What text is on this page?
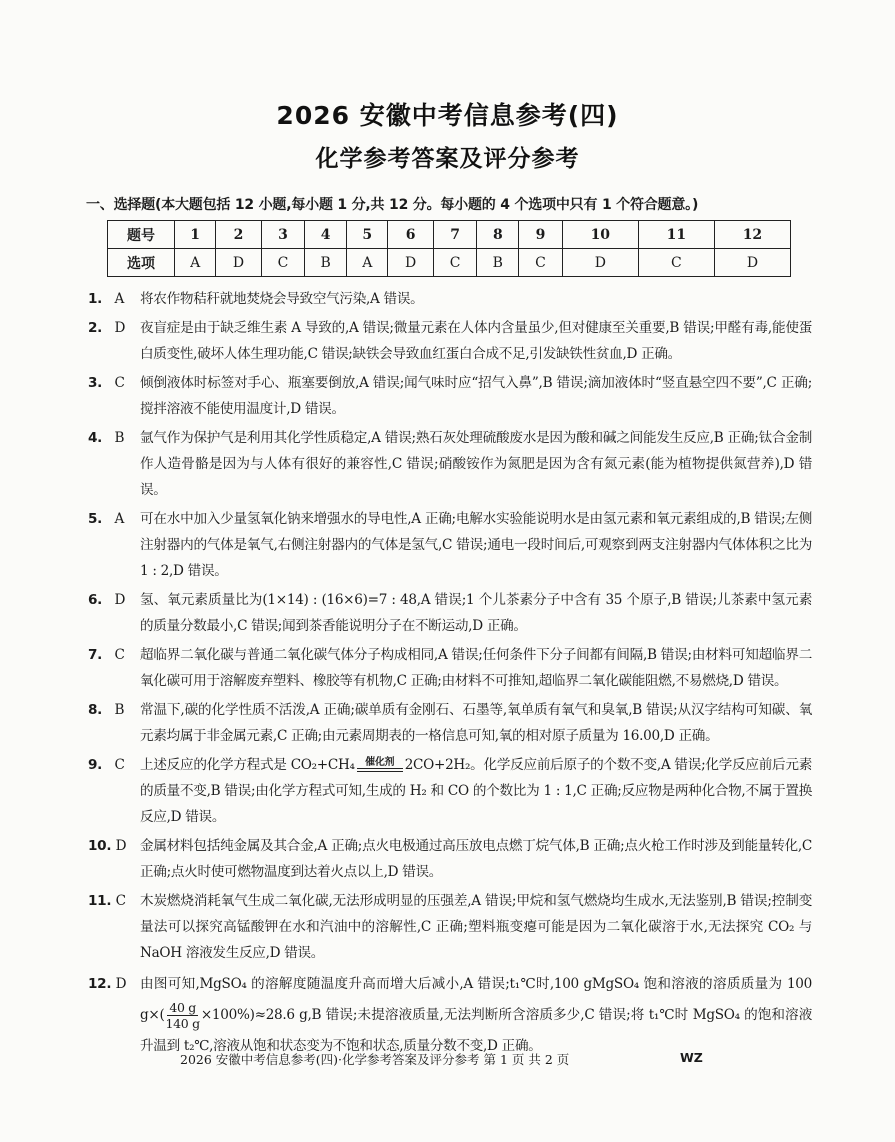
2026 安徽中考信息参考(四)
化学参考答案及评分参考
一、选择题(本大题包括 12 小题,每小题 1 分,共 12 分。每小题的 4 个选项中只有 1 个符合题意。)
题号	1	2	3	4	5	6	7	8	9	10	11	12
选项	A	D	C	B	A	D	C	B	C	D	C	D
1. A	将农作物秸秆就地焚烧会导致空气污染,A 错误。
2. D	夜盲症是由于缺乏维生素 A 导致的,A 错误;微量元素在人体内含量虽少,但对健康至关重要,B 错误;甲醛有毒,能使蛋白质变性,破坏人体生理功能,C 错误;缺铁会导致血红蛋白合成不足,引发缺铁性贫血,D 正确。
3. C	倾倒液体时标签对手心、瓶塞要倒放,A 错误;闻气味时应“招气入鼻”,B 错误;滴加液体时“竖直悬空四不要”,C 正确;搅拌溶液不能使用温度计,D 错误。
4. B	氩气作为保护气是利用其化学性质稳定,A 错误;熟石灰处理硫酸废水是因为酸和碱之间能发生反应,B 正确;钛合金制作人造骨骼是因为与人体有很好的兼容性,C 错误;硝酸铵作为氮肥是因为含有氮元素(能为植物提供氮营养),D 错误。
5. A	可在水中加入少量氢氧化钠来增强水的导电性,A 正确;电解水实验能说明水是由氢元素和氧元素组成的,B 错误;左侧注射器内的气体是氧气,右侧注射器内的气体是氢气,C 错误;通电一段时间后,可观察到两支注射器内气体体积之比为 1 : 2,D 错误。
6. D	氢、氧元素质量比为(1×14) : (16×6)=7 : 48,A 错误;1 个儿茶素分子中含有 35 个原子,B 错误;儿茶素中氢元素的质量分数最小,C 错误;闻到茶香能说明分子在不断运动,D 正确。
7. C	超临界二氧化碳与普通二氧化碳气体分子构成相同,A 错误;任何条件下分子间都有间隔,B 错误;由材料可知超临界二氧化碳可用于溶解废弃塑料、橡胶等有机物,C 正确;由材料不可推知,超临界二氧化碳能阻燃,不易燃烧,D 错误。
8. B	常温下,碳的化学性质不活泼,A 正确;碳单质有金刚石、石墨等,氧单质有氧气和臭氧,B 错误;从汉字结构可知碳、氧元素均属于非金属元素,C 正确;由元素周期表的一格信息可知,氧的相对原子质量为 16.00,D 正确。
9. C	上述反应的化学方程式是 CO₂+CH₄ 催化剂 2CO+2H₂。化学反应前后原子的个数不变,A 错误;化学反应前后元素的质量不变,B 错误;由化学方程式可知,生成的 H₂ 和 CO 的个数比为 1 : 1,C 正确;反应物是两种化合物,不属于置换反应,D 错误。
10. D	金属材料包括纯金属及其合金,A 正确;点火电极通过高压放电点燃丁烷气体,B 正确;点火枪工作时涉及到能量转化,C 正确;点火时使可燃物温度到达着火点以上,D 错误。
11. C	木炭燃烧消耗氧气生成二氧化碳,无法形成明显的压强差,A 错误;甲烷和氢气燃烧均生成水,无法鉴别,B 错误;控制变量法可以探究高锰酸钾在水和汽油中的溶解性,C 正确;塑料瓶变瘪可能是因为二氧化碳溶于水,无法探究 CO₂ 与 NaOH 溶液发生反应,D 错误。
12. D	由图可知,MgSO₄ 的溶解度随温度升高而增大后减小,A 错误;t₁℃时,100 gMgSO₄ 饱和溶液的溶质质量为 100 $g\times( \frac{40 g}{140 g} \times 100\%)\approx 28.6$ g,B 错误;未提溶液质量,无法判断所含溶质多少,C 错误;将 t₁℃时 MgSO₄ 的饱和溶液升温到 t₂℃,溶液从饱和状态变为不饱和状态,质量分数不变,D 正确。
2026 安徽中考信息参考(四)·化学参考答案及评分参考 第 1 页 共 2 页	WZ
